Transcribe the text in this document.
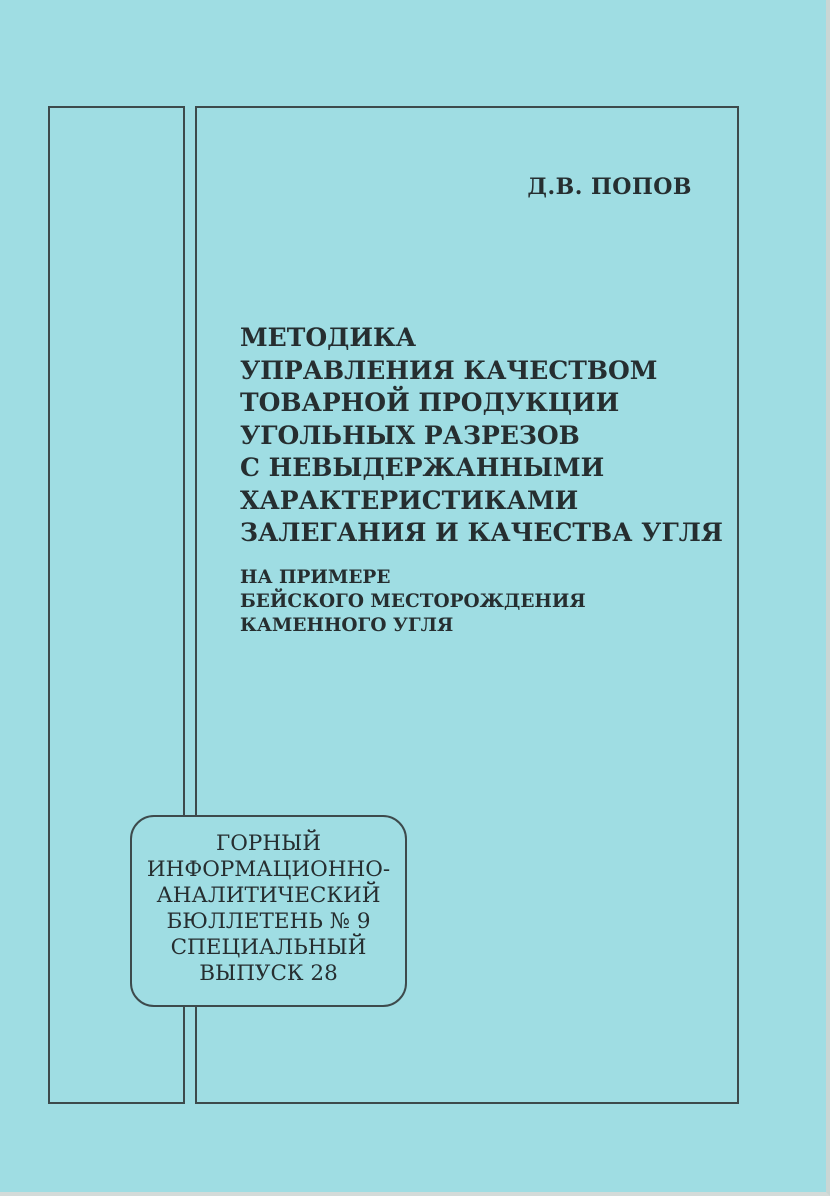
Д.В. ПОПОВ
МЕТОДИКА
УПРАВЛЕНИЯ КАЧЕСТВОМ
ТОВАРНОЙ ПРОДУКЦИИ
УГОЛЬНЫХ РАЗРЕЗОВ
С НЕВЫДЕРЖАННЫМИ
ХАРАКТЕРИСТИКАМИ
ЗАЛЕГАНИЯ И КАЧЕСТВА УГЛЯ
НА ПРИМЕРЕ
БЕЙСКОГО МЕСТОРОЖДЕНИЯ
КАМЕННОГО УГЛЯ
ГОРНЫЙ
ИНФОРМАЦИОННО-
АНАЛИТИЧЕСКИЙ
БЮЛЛЕТЕНЬ № 9
СПЕЦИАЛЬНЫЙ
ВЫПУСК 28
